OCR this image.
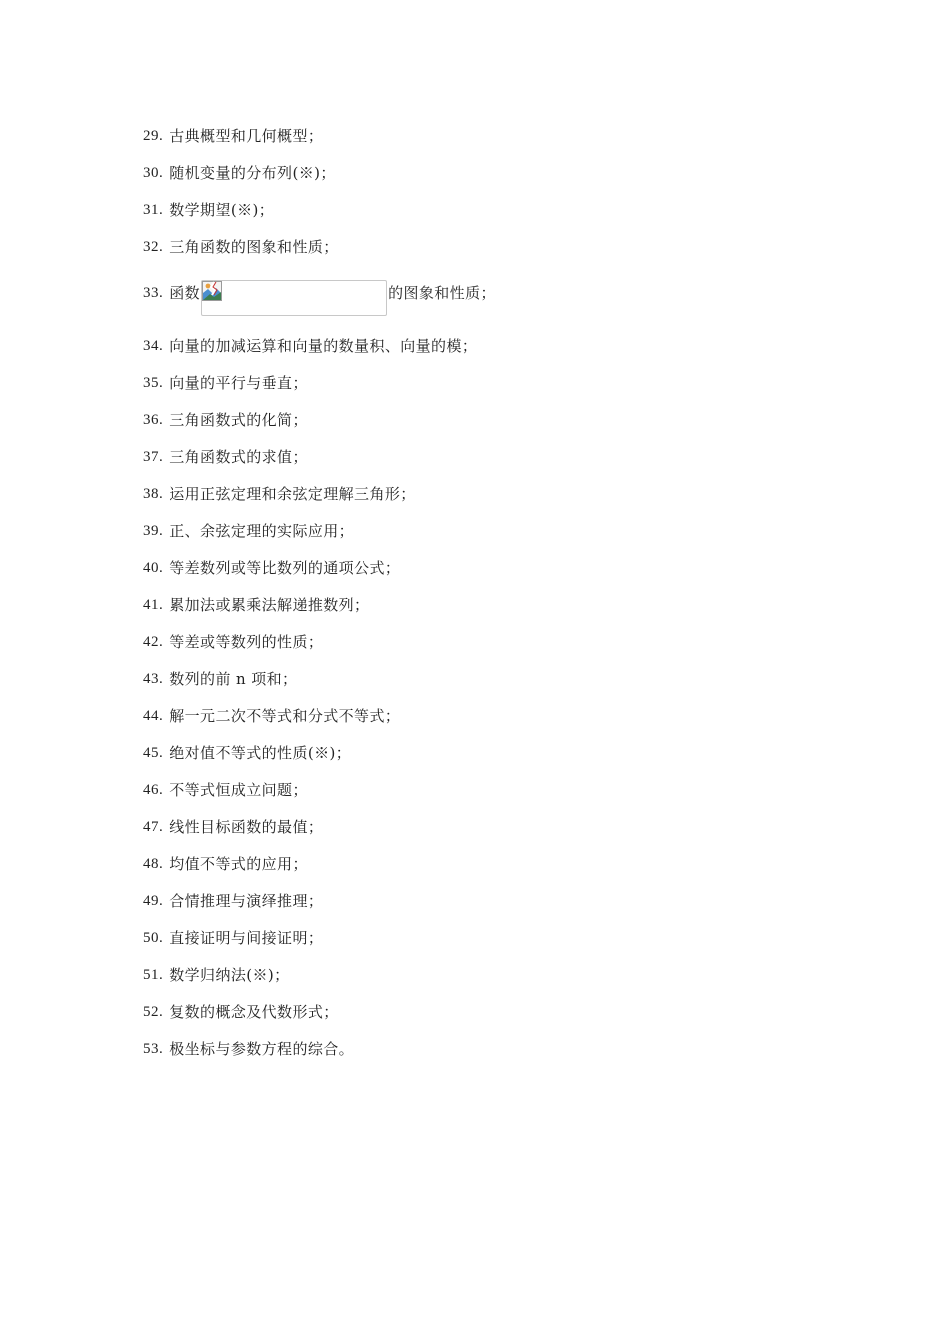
29. 古典概型和几何概型；
30. 随机变量的分布列(※)；
31. 数学期望(※)；
32. 三角函数的图象和性质；
33. 函数	的图象和性质；
34. 向量的加减运算和向量的数量积、向量的模；
35. 向量的平行与垂直；
36. 三角函数式的化简；
37. 三角函数式的求值；
38. 运用正弦定理和余弦定理解三角形；
39. 正、余弦定理的实际应用；
40. 等差数列或等比数列的通项公式；
41. 累加法或累乘法解递推数列；
42. 等差或等数列的性质；
43. 数列的前 n 项和；
44. 解一元二次不等式和分式不等式；
45. 绝对值不等式的性质(※)；
46. 不等式恒成立问题；
47. 线性目标函数的最值；
48. 均值不等式的应用；
49. 合情推理与演绎推理；
50. 直接证明与间接证明；
51. 数学归纳法(※)；
52. 复数的概念及代数形式；
53. 极坐标与参数方程的综合。
